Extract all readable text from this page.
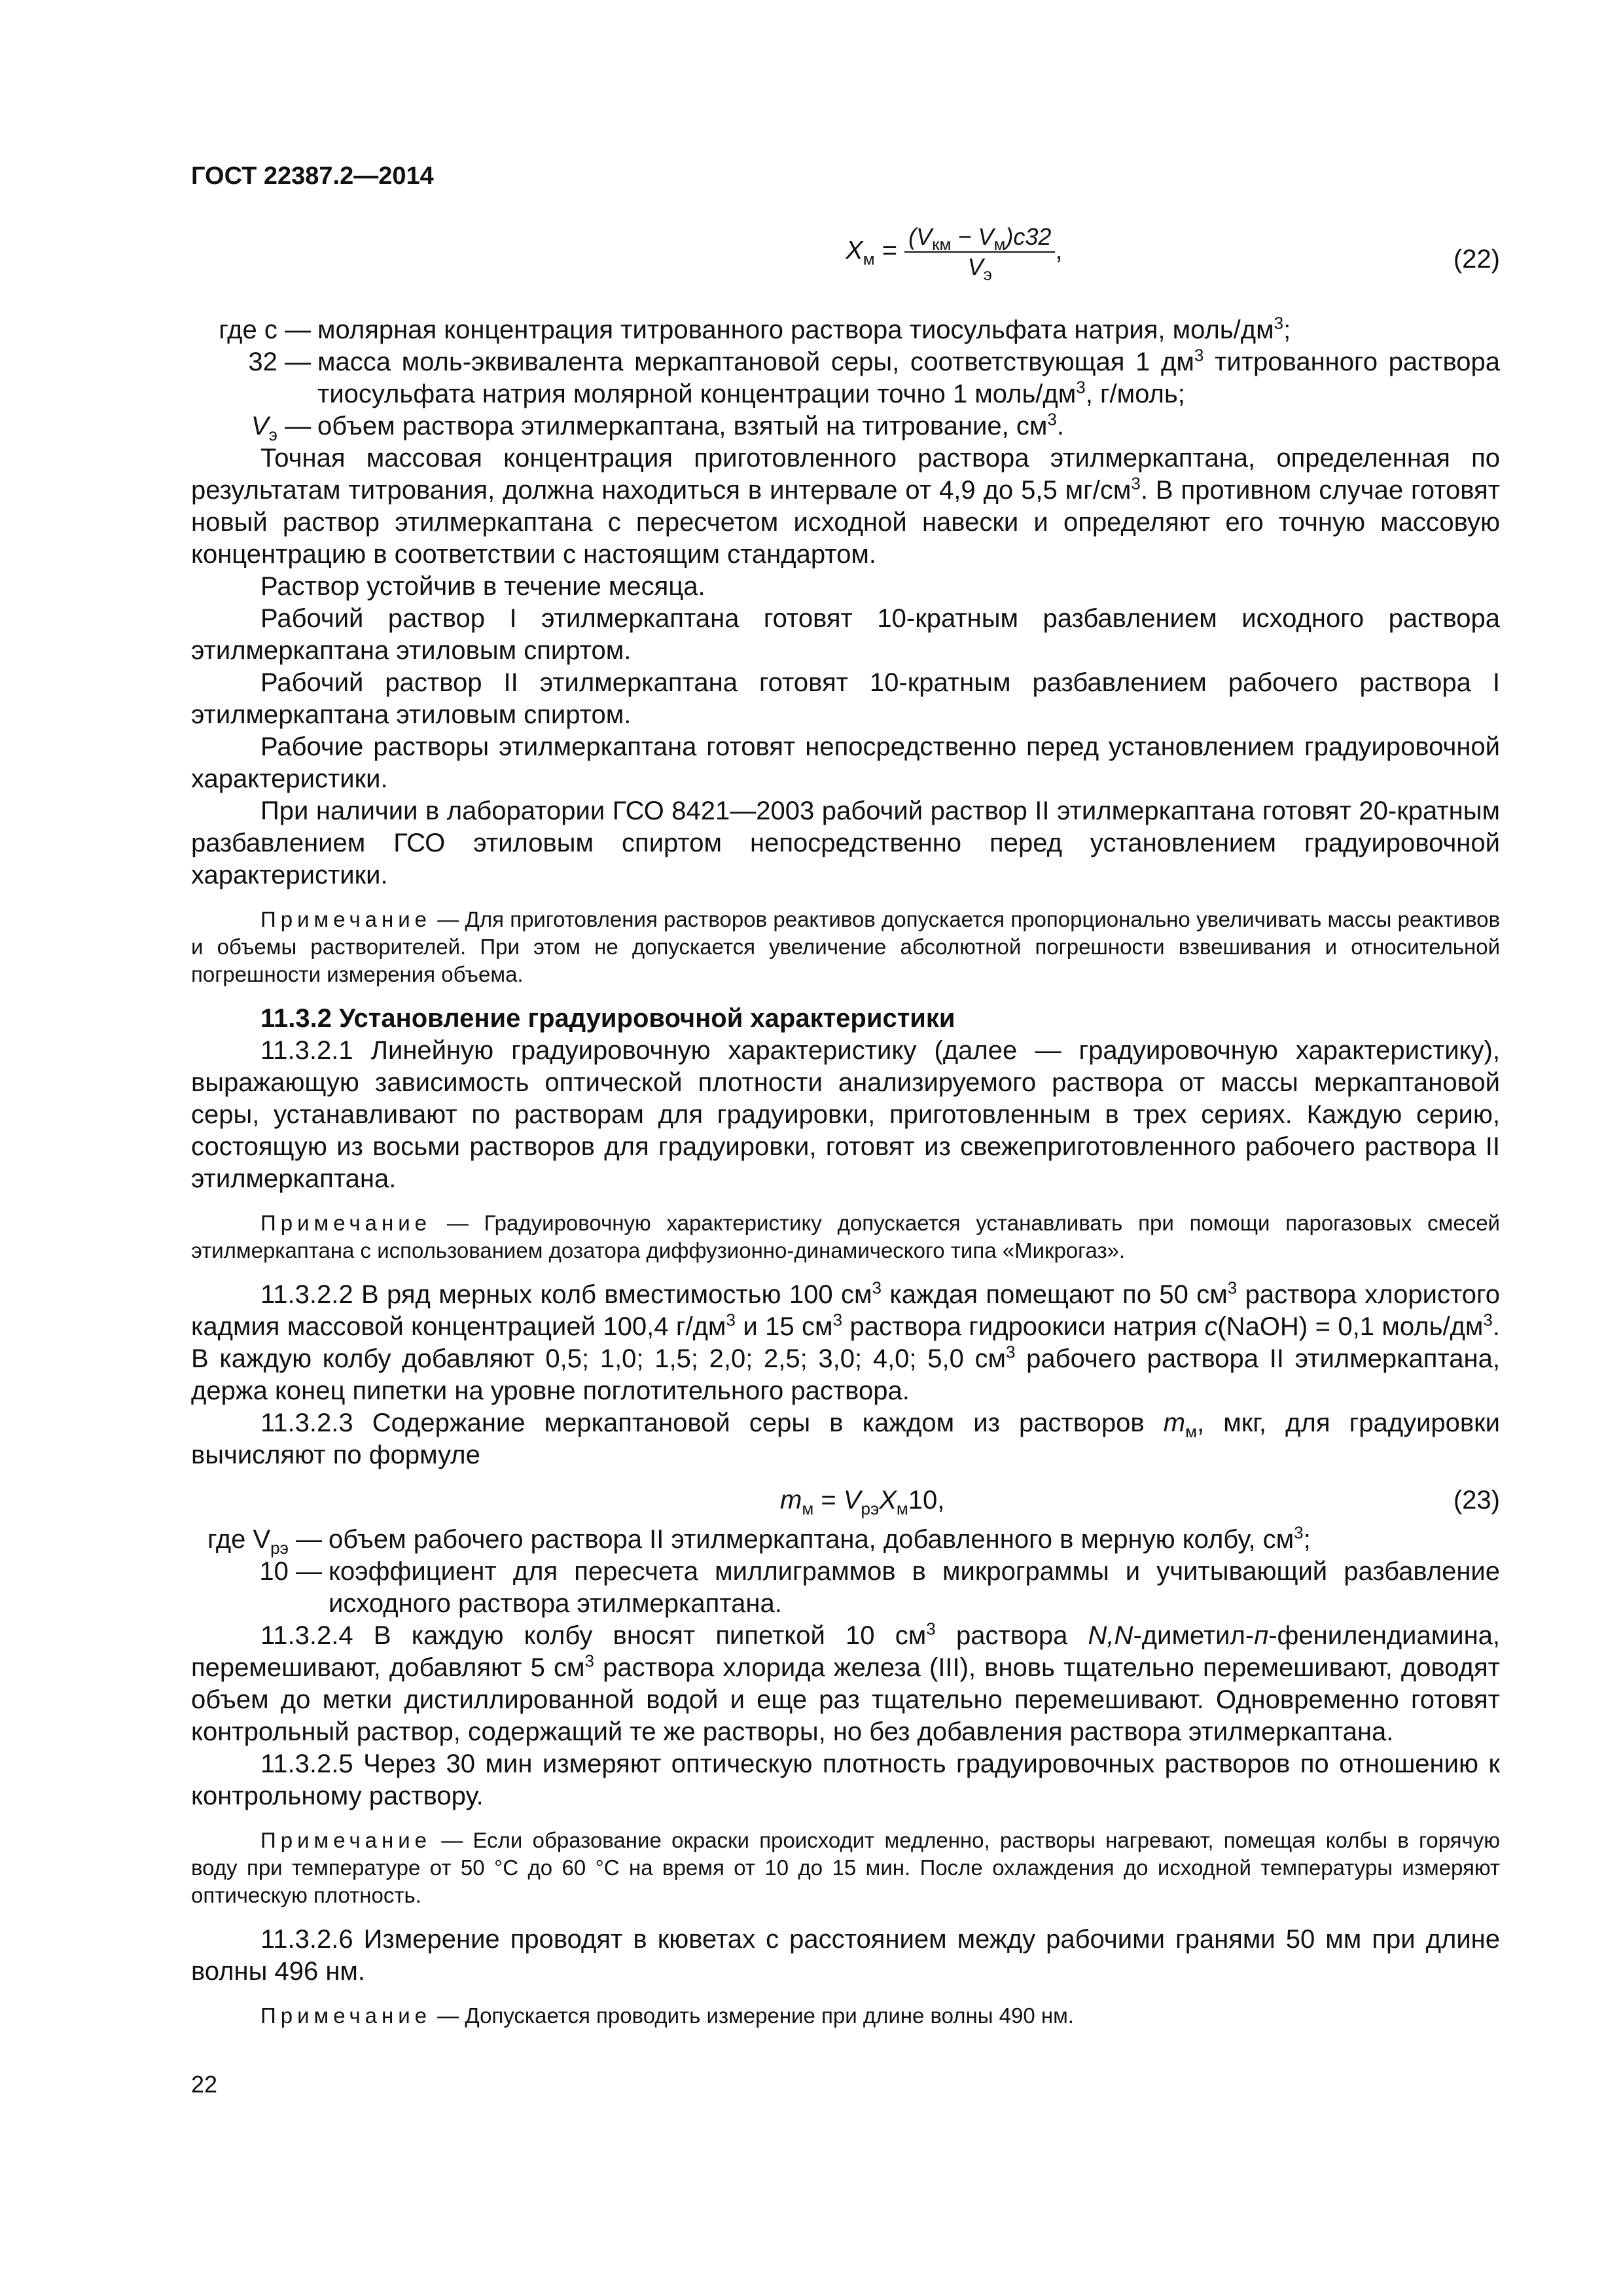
ГОСТ 22387.2—2014
$X_м = \frac{(V_{км} - V_м)c32}{V_э}$ ,	(22)
где c — молярная концентрация титрованного раствора тиосульфата натрия, моль/$дм^3$;
32 — масса моль-эквивалента меркаптановой серы, соответствующая 1 $дм^3$ титрованного раствора тиосульфата натрия молярной концентрации точно 1 моль/$дм^3$, г/моль;
$V_э$ — объем раствора этилмеркаптана, взятый на титрование, $см^3$.

Точная массовая концентрация приготовленного раствора этилмеркаптана, определенная по результатам титрования, должна находиться в интервале от 4,9 до 5,5 $мг/см^3$. В противном случае готовят новый раствор этилмеркаптана с пересчетом исходной навески и определяют его точную массовую концентрацию в соответствии с настоящим стандартом.

Раствор устойчив в течение месяца.

Рабочий раствор I этилмеркаптана готовят 10-кратным разбавлением исходного раствора этилмеркаптана этиловым спиртом.

Рабочий раствор II этилмеркаптана готовят 10-кратным разбавлением рабочего раствора I этилмеркаптана этиловым спиртом.

Рабочие растворы этилмеркаптана готовят непосредственно перед установлением градуировочной характеристики.

При наличии в лаборатории ГСО 8421—2003 рабочий раствор II этилмеркаптана готовят 20-кратным разбавлением ГСО этиловым спиртом непосредственно перед установлением градуировочной характеристики.

Примечание — Для приготовления растворов реактивов допускается пропорционально увеличивать массы реактивов и объемы растворителей. При этом не допускается увеличение абсолютной погрешности взвешивания и относительной погрешности измерения объема.

11.3.2 Установление градуировочной характеристики

11.3.2.1 Линейную градуировочную характеристику (далее — градуировочную характеристику), выражающую зависимость оптической плотности анализируемого раствора от массы меркаптановой серы, устанавливают по растворам для градуировки, приготовленным в трех сериях. Каждую серию, состоящую из восьми растворов для градуировки, готовят из свежеприготовленного рабочего раствора II этилмеркаптана.

Примечание — Градуировочную характеристику допускается устанавливать при помощи парогазовых смесей этилмеркаптана с использованием дозатора диффузионно-динамического типа «Микрогаз».

11.3.2.2 В ряд мерных колб вместимостью 100 $см^3$ каждая помещают по 50 $см^3$ раствора хлористого кадмия массовой концентрацией 100,4 $г/дм^3$ и 15 $см^3$ раствора гидроокиси натрия c(NaOH) = 0,1 моль/$дм^3$. В каждую колбу добавляют 0,5; 1,0; 1,5; 2,0; 2,5; 3,0; 4,0; 5,0 $см^3$ рабочего раствора II этилмеркаптана, держа конец пипетки на уровне поглотительного раствора.

11.3.2.3 Содержание меркаптановой серы в каждом из растворов $m_м$, мкг, для градуировки вычисляют по формуле

$m_м = V_{рэ}X_м10$,	(23)
где $V_{рэ}$ — объем рабочего раствора II этилмеркаптана, добавленного в мерную колбу, $см^3$;
10 — коэффициент для пересчета миллиграммов в микрограммы и учитывающий разбавление исходного раствора этилмеркаптана.

11.3.2.4 В каждую колбу вносят пипеткой 10 $см^3$ раствора N,N-диметил-п-фенилендиамина, перемешивают, добавляют 5 $см^3$ раствора хлорида железа (III), вновь тщательно перемешивают, доводят объем до метки дистиллированной водой и еще раз тщательно перемешивают. Одновременно готовят контрольный раствор, содержащий те же растворы, но без добавления раствора этилмеркаптана.

11.3.2.5 Через 30 мин измеряют оптическую плотность градуировочных растворов по отношению к контрольному раствору.

Примечание — Если образование окраски происходит медленно, растворы нагревают, помещая колбы в горячую воду при температуре от 50 °С до 60 °С на время от 10 до 15 мин. После охлаждения до исходной температуры измеряют оптическую плотность.

11.3.2.6 Измерение проводят в кюветах с расстоянием между рабочими гранями 50 мм при длине волны 496 нм.

Примечание — Допускается проводить измерение при длине волны 490 нм.

22
